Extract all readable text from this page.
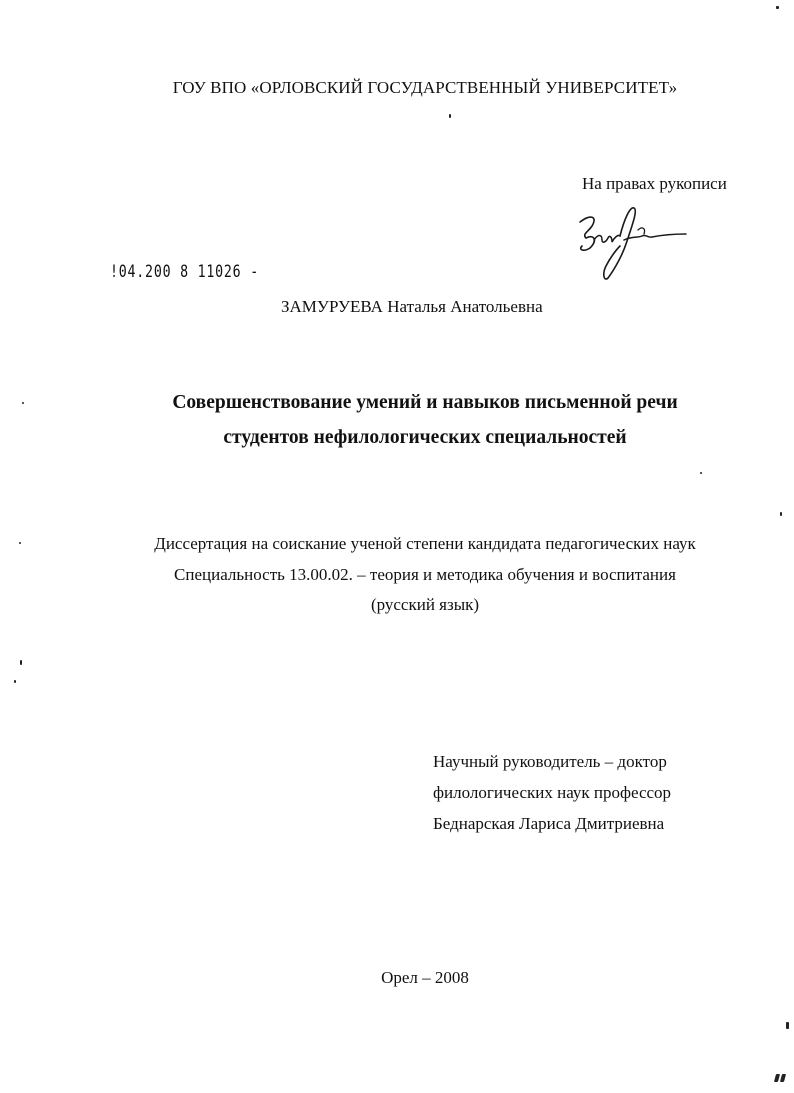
ГОУ ВПО «ОРЛОВСКИЙ ГОСУДАРСТВЕННЫЙ УНИВЕРСИТЕТ»
На правах рукописи
!04.200 8 11026 -
ЗАМУРУЕВА Наталья Анатольевна
Совершенствование умений и навыков письменной речи
студентов нефилологических специальностей
Диссертация на соискание ученой степени кандидата педагогических наук
Специальность 13.00.02. – теория и методика обучения и воспитания
(русский язык)
Научный руководитель – доктор
филологических наук профессор
Беднарская Лариса Дмитриевна
Орел – 2008
